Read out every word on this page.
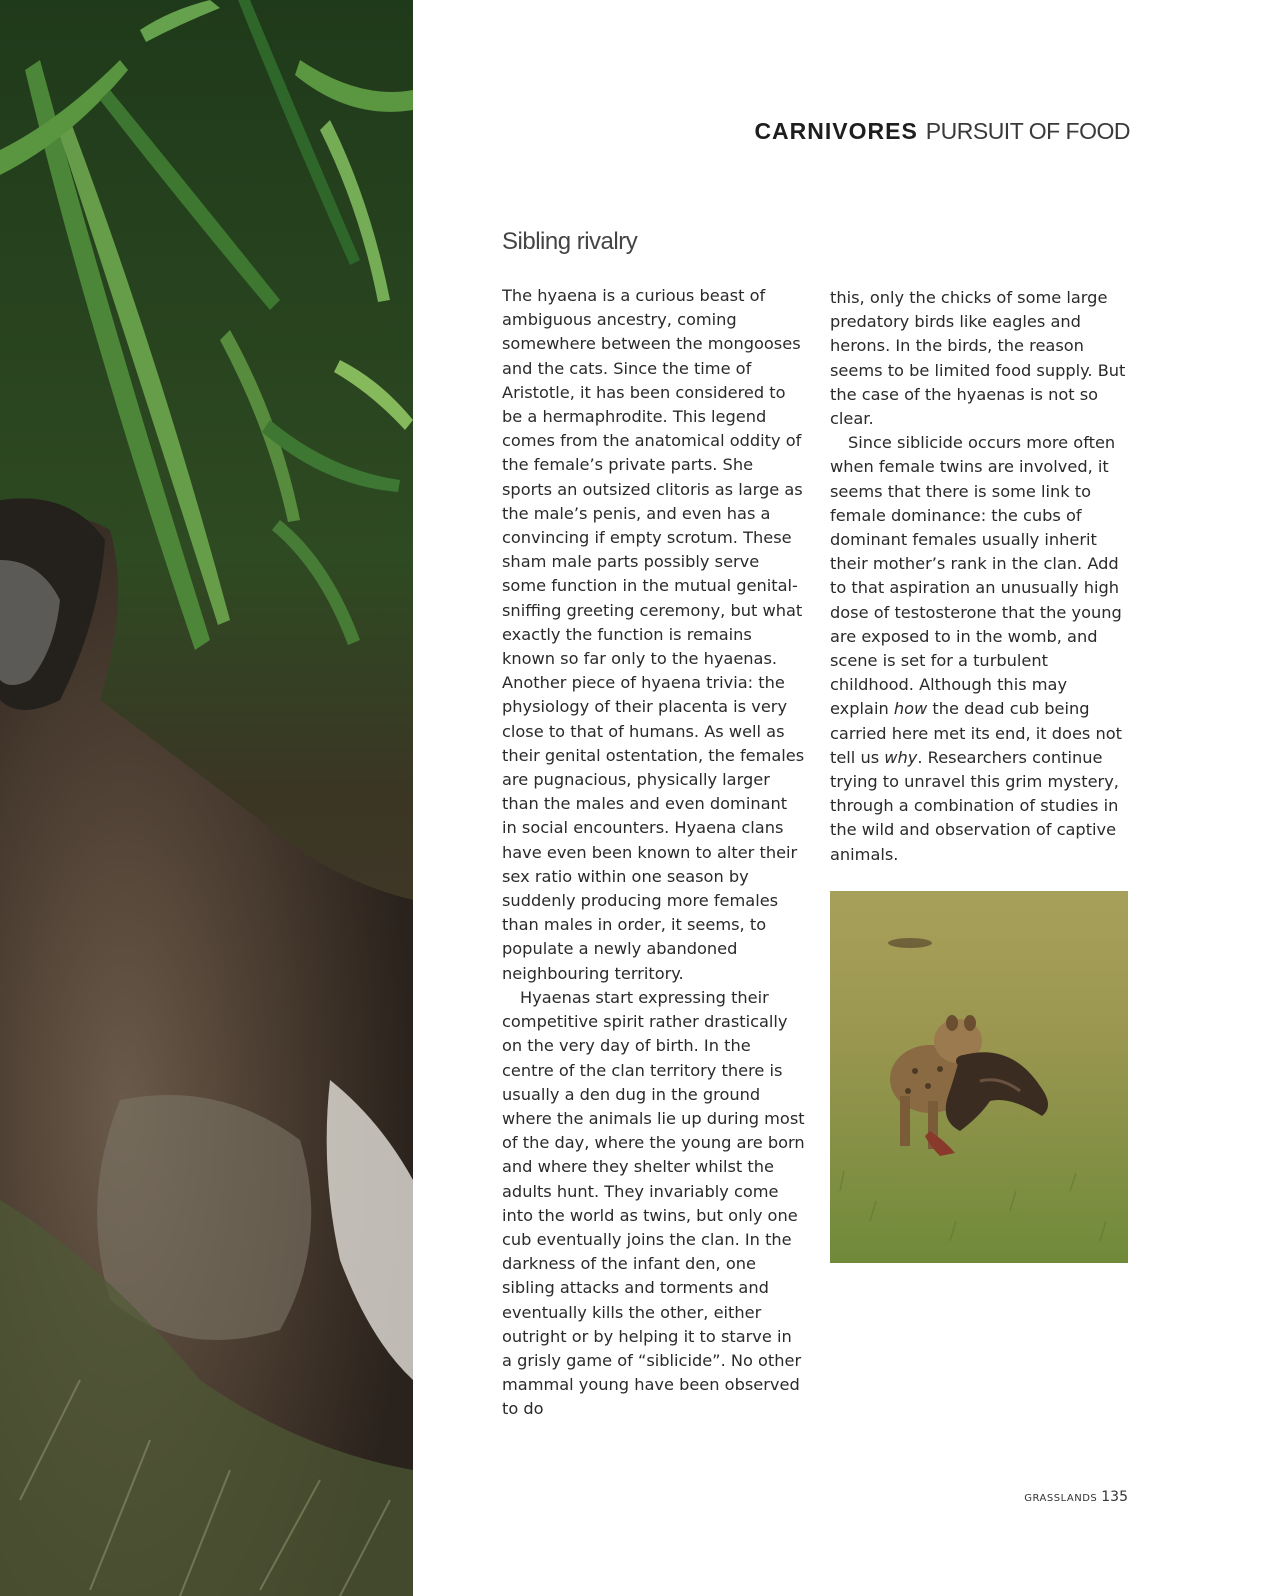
CARNIVORES PURSUIT OF FOOD
Sibling rivalry

The hyaena is a curious beast of ambiguous ancestry, coming somewhere between the mongooses and the cats. Since the time of Aristotle, it has been considered to be a hermaphrodite. This legend comes from the anatomical oddity of the female’s private parts. She sports an outsized clitoris as large as the male’s penis, and even has a convincing if empty scrotum. These sham male parts possibly serve some function in the mutual genital-sniffing greeting ceremony, but what exactly the function is remains known so far only to the hyaenas. Another piece of hyaena trivia: the physiology of their placenta is very close to that of humans. As well as their genital ostentation, the females are pugnacious, physically larger than the males and even dominant in social encounters. Hyaena clans have even been known to alter their sex ratio within one season by suddenly producing more females than males in order, it seems, to populate a newly abandoned neighbouring territory.

Hyaenas start expressing their competitive spirit rather drastically on the very day of birth. In the centre of the clan territory there is usually a den dug in the ground where the animals lie up during most of the day, where the young are born and where they shelter whilst the adults hunt. They invariably come into the world as twins, but only one cub eventually joins the clan. In the darkness of the infant den, one sibling attacks and torments and eventually kills the other, either outright or by helping it to starve in a grisly game of “siblicide”. No other mammal young have been observed to do

this, only the chicks of some large predatory birds like eagles and herons. In the birds, the reason seems to be limited food supply. But the case of the hyaenas is not so clear.

Since siblicide occurs more often when female twins are involved, it seems that there is some link to female dominance: the cubs of dominant females usually inherit their mother’s rank in the clan. Add to that aspiration an unusually high dose of testosterone that the young are exposed to in the womb, and scene is set for a turbulent childhood. Although this may explain how the dead cub being carried here met its end, it does not tell us why. Researchers continue trying to unravel this grim mystery, through a combination of studies in the wild and observation of captive animals.

GRASSLANDS 135
